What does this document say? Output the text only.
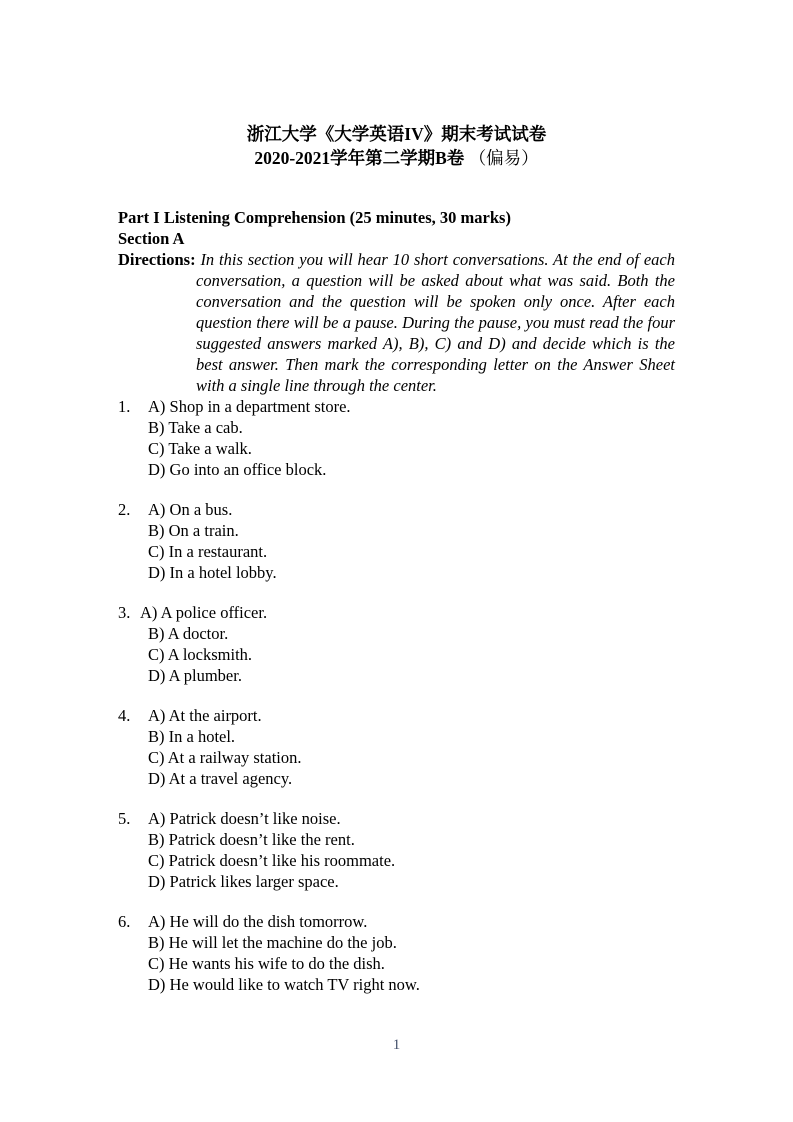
浙江大学《大学英语IV》期末考试试卷
2020-2021学年第二学期B卷 （偏易）
Part I Listening Comprehension (25 minutes, 30 marks)
Section A

Directions: In this section you will hear 10 short conversations. At the end of each conversation, a question will be asked about what was said. Both the conversation and the question will be spoken only once. After each question there will be a pause. During the pause, you must read the four suggested answers marked A), B), C) and D) and decide which is the best answer. Then mark the corresponding letter on the Answer Sheet with a single line through the center.

1. A) Shop in a department store.
B) Take a cab.
C) Take a walk.
D) Go into an office block.
2. A) On a bus.
B) On a train.
C) In a restaurant.
D) In a hotel lobby.
3. A) A police officer.
B) A doctor.
C) A locksmith.
D) A plumber.
4. A) At the airport.
B) In a hotel.
C) At a railway station.
D) At a travel agency.
5. A) Patrick doesn’t like noise.
B) Patrick doesn’t like the rent.
C) Patrick doesn’t like his roommate.
D) Patrick likes larger space.
6. A) He will do the dish tomorrow.
B) He will let the machine do the job.
C) He wants his wife to do the dish.
D) He would like to watch TV right now.
1
